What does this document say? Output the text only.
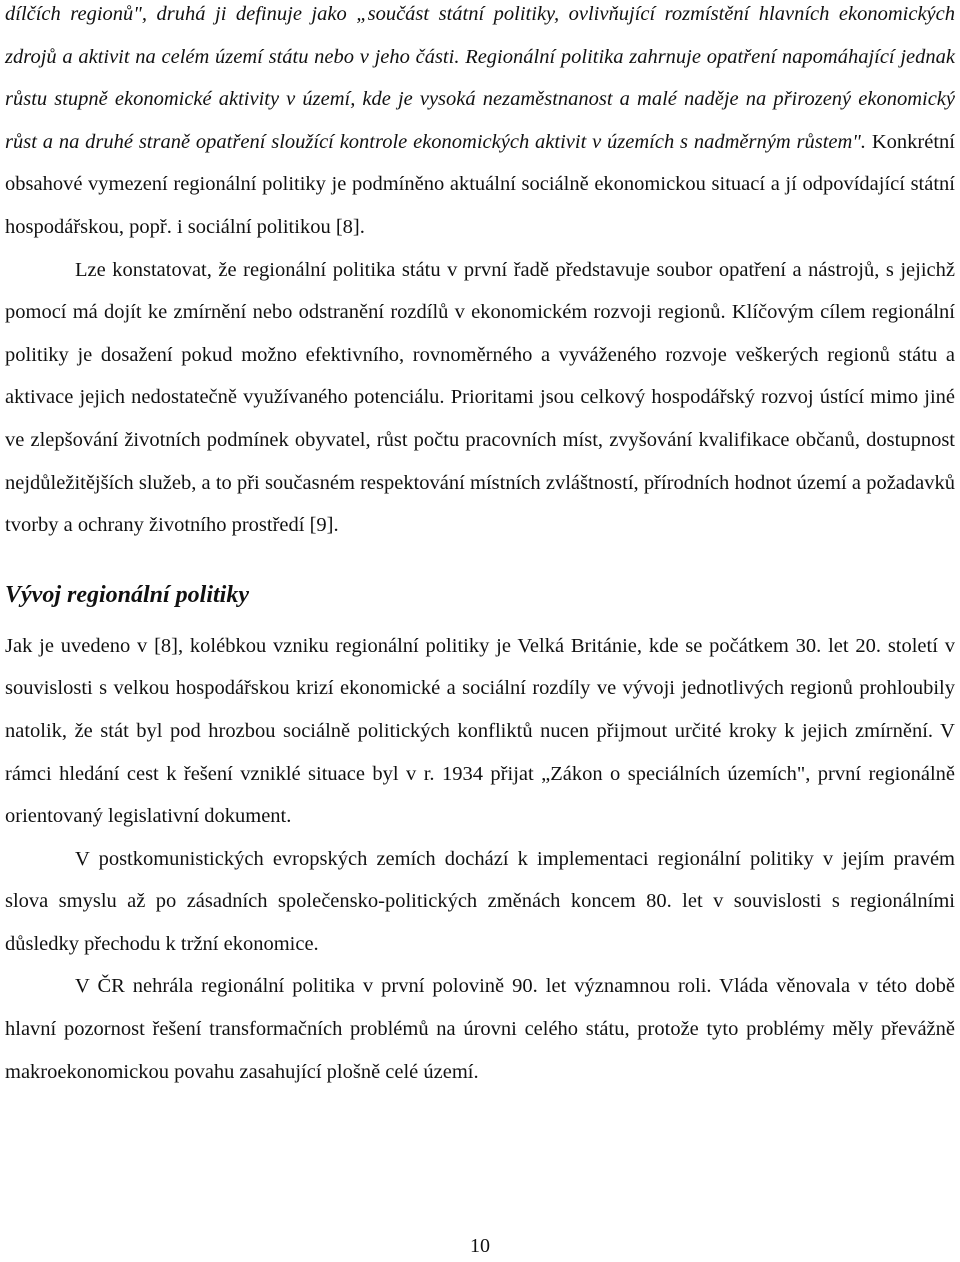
dílčích regionů", druhá ji definuje jako „součást státní politiky, ovlivňující rozmístění hlavních ekonomických zdrojů a aktivit na celém území státu nebo v jeho části. Regionální politika zahrnuje opatření napomáhající jednak růstu stupně ekonomické aktivity v území, kde je vysoká nezaměstnanost a malé naděje na přirozený ekonomický růst a na druhé straně opatření sloužící kontrole ekonomických aktivit v územích s nadměrným růstem". Konkrétní obsahové vymezení regionální politiky je podmíněno aktuální sociálně ekonomickou situací a jí odpovídající státní hospodářskou, popř. i sociální politikou [8].

Lze konstatovat, že regionální politika státu v první řadě představuje soubor opatření a nástrojů, s jejichž pomocí má dojít ke zmírnění nebo odstranění rozdílů v ekonomickém rozvoji regionů. Klíčovým cílem regionální politiky je dosažení pokud možno efektivního, rovnoměrného a vyváženého rozvoje veškerých regionů státu a aktivace jejich nedostatečně využívaného potenciálu. Prioritami jsou celkový hospodářský rozvoj ústící mimo jiné ve zlepšování životních podmínek obyvatel, růst počtu pracovních míst, zvyšování kvalifikace občanů, dostupnost nejdůležitějších služeb, a to při současném respektování místních zvláštností, přírodních hodnot území a požadavků tvorby a ochrany životního prostředí [9].

Vývoj regionální politiky

Jak je uvedeno v [8], kolébkou vzniku regionální politiky je Velká Británie, kde se počátkem 30. let 20. století v souvislosti s velkou hospodářskou krizí ekonomické a sociální rozdíly ve vývoji jednotlivých regionů prohloubily natolik, že stát byl pod hrozbou sociálně politických konfliktů nucen přijmout určité kroky k jejich zmírnění. V rámci hledání cest k řešení vzniklé situace byl v r. 1934 přijat „Zákon o speciálních územích", první regionálně orientovaný legislativní dokument.

V postkomunistických evropských zemích dochází k implementaci regionální politiky v jejím pravém slova smyslu až po zásadních společensko-politických změnách koncem 80. let v souvislosti s regionálními důsledky přechodu k tržní ekonomice.

V ČR nehrála regionální politika v první polovině 90. let významnou roli. Vláda věnovala v této době hlavní pozornost řešení transformačních problémů na úrovni celého státu, protože tyto problémy měly převážně makroekonomickou povahu zasahující plošně celé území.

10
